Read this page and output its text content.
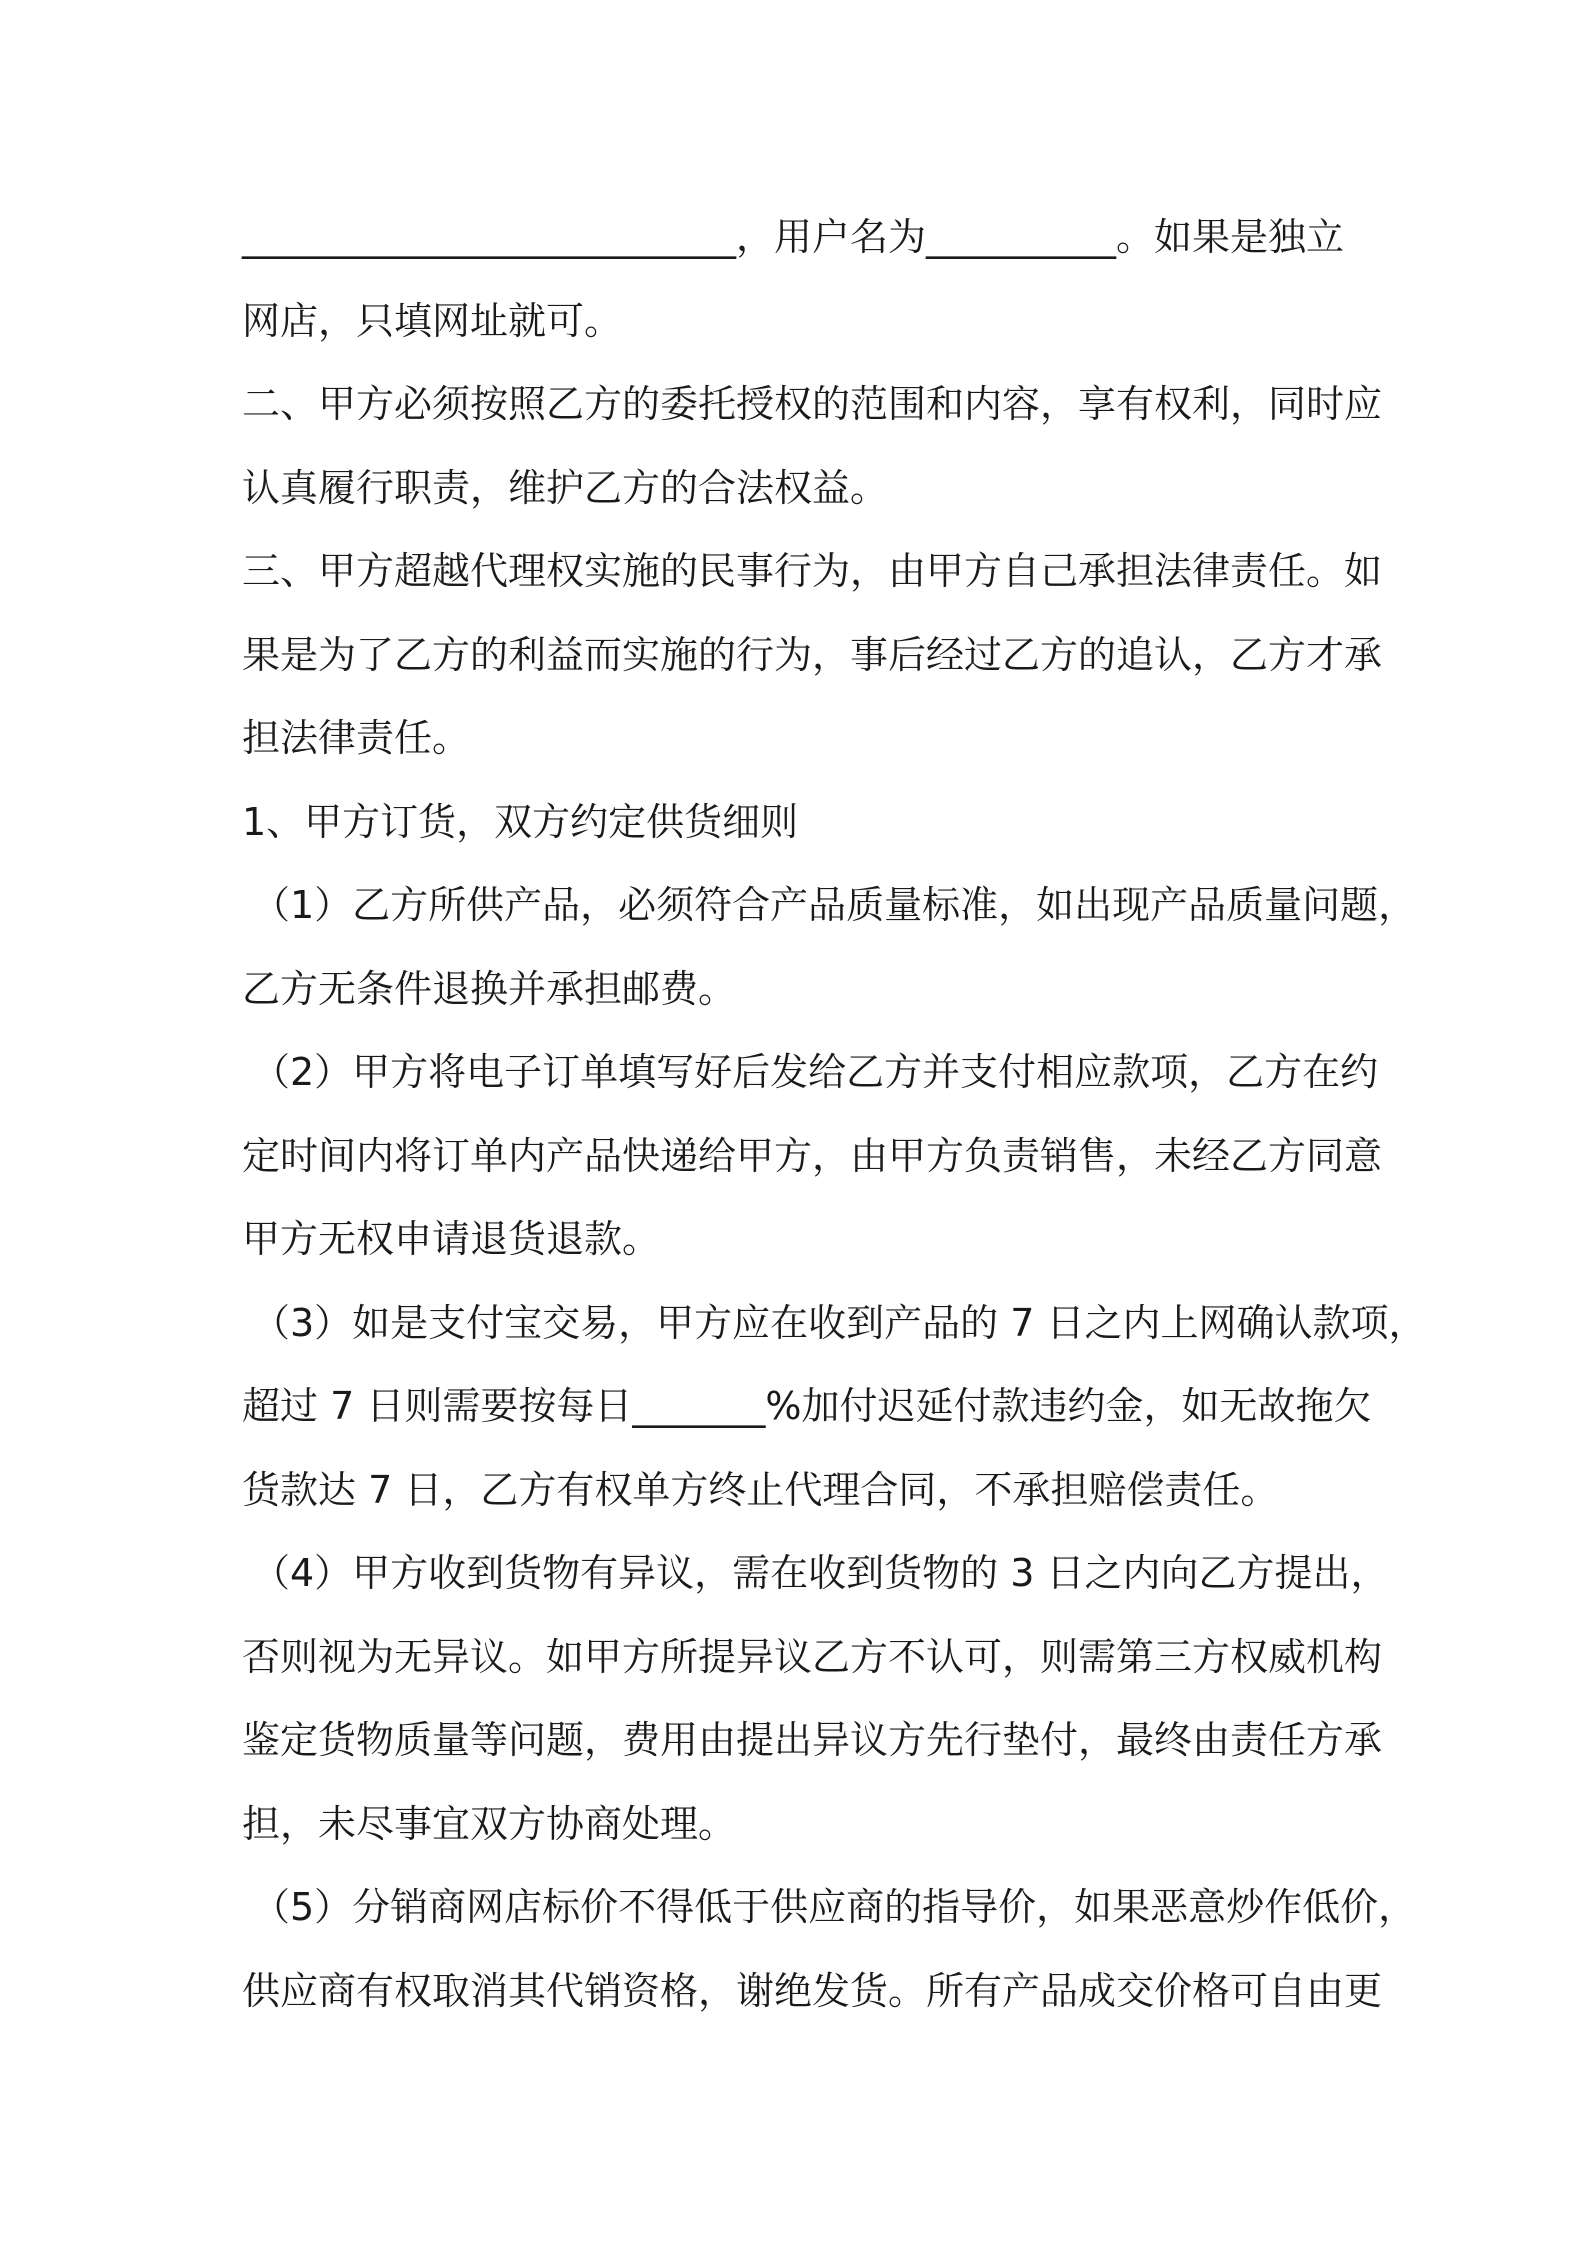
__________________________，用户名为__________。如果是独立
网店，只填网址就可。
二、甲方必须按照乙方的委托授权的范围和内容，享有权利，同时应
认真履行职责，维护乙方的合法权益。
三、甲方超越代理权实施的民事行为，由甲方自己承担法律责任。如
果是为了乙方的利益而实施的行为，事后经过乙方的追认，乙方才承
担法律责任。
1、甲方订货，双方约定供货细则
（1）乙方所供产品，必须符合产品质量标准，如出现产品质量问题，
乙方无条件退换并承担邮费。
（2）甲方将电子订单填写好后发给乙方并支付相应款项，乙方在约
定时间内将订单内产品快递给甲方，由甲方负责销售，未经乙方同意
甲方无权申请退货退款。
（3）如是支付宝交易，甲方应在收到产品的 7 日之内上网确认款项，
超过 7 日则需要按每日_______%加付迟延付款违约金，如无故拖欠
货款达 7 日，乙方有权单方终止代理合同，不承担赔偿责任。
（4）甲方收到货物有异议，需在收到货物的 3 日之内向乙方提出，
否则视为无异议。如甲方所提异议乙方不认可，则需第三方权威机构
鉴定货物质量等问题，费用由提出异议方先行垫付，最终由责任方承
担，未尽事宜双方协商处理。
（5）分销商网店标价不得低于供应商的指导价，如果恶意炒作低价，
供应商有权取消其代销资格，谢绝发货。所有产品成交价格可自由更
